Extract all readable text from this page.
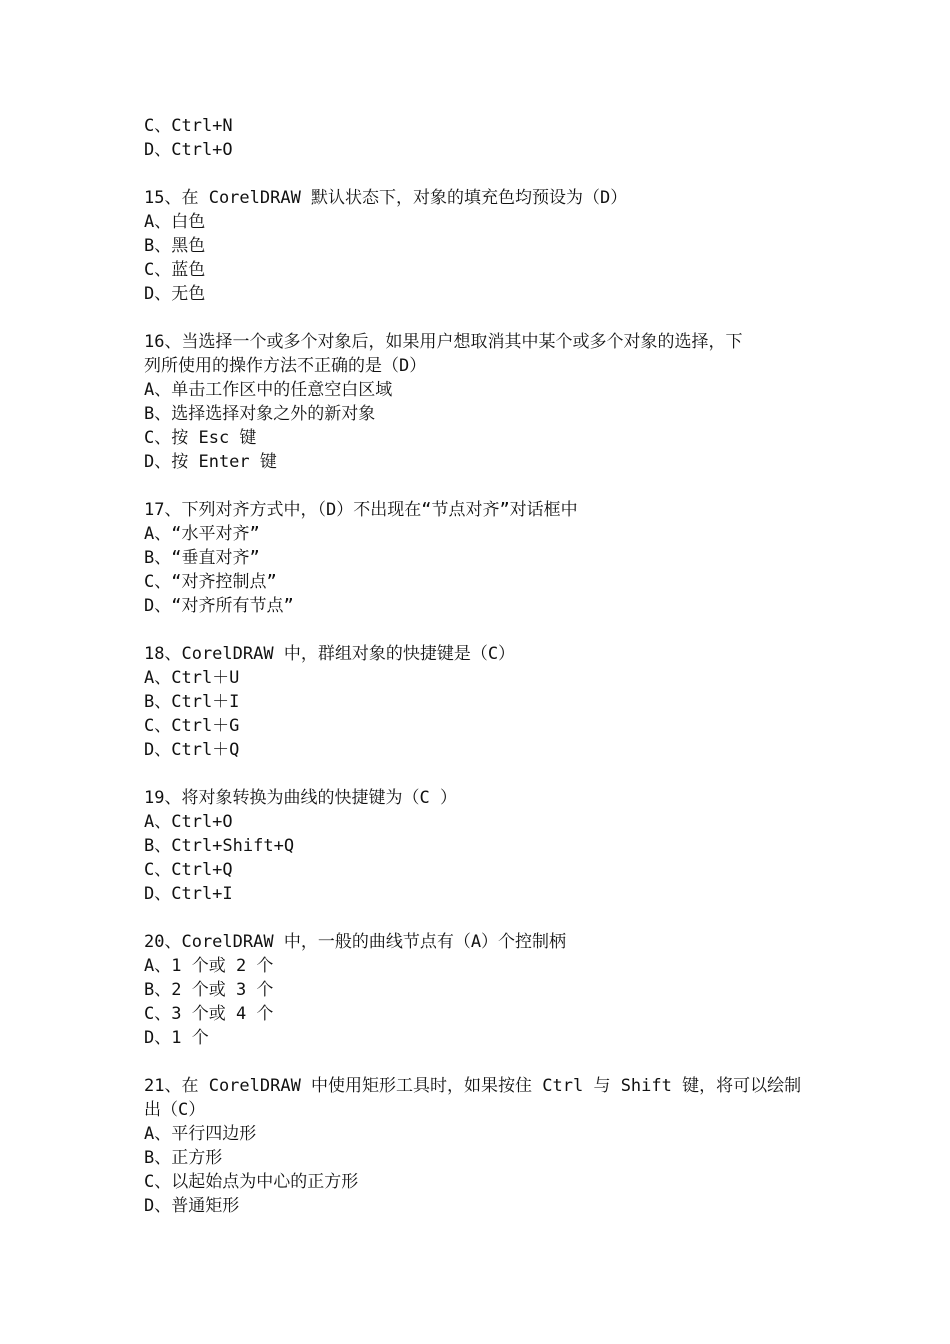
C、Ctrl+N
D、Ctrl+O
15、在 CorelDRAW 默认状态下，对象的填充色均预设为（D）
A、白色
B、黑色
C、蓝色
D、无色
16、当选择一个或多个对象后，如果用户想取消其中某个或多个对象的选择，下
列所使用的操作方法不正确的是（D）
A、单击工作区中的任意空白区域
B、选择选择对象之外的新对象
C、按 Esc 键
D、按 Enter 键
17、下列对齐方式中，（D）不出现在“节点对齐”对话框中
A、“水平对齐”
B、“垂直对齐”
C、“对齐控制点”
D、“对齐所有节点”
18、CorelDRAW 中，群组对象的快捷键是（C）
A、Ctrl＋U
B、Ctrl＋I
C、Ctrl＋G
D、Ctrl＋Q
19、将对象转换为曲线的快捷键为（C ）
A、Ctrl+O
B、Ctrl+Shift+Q
C、Ctrl+Q
D、Ctrl+I
20、CorelDRAW 中，一般的曲线节点有（A）个控制柄
A、1 个或 2 个
B、2 个或 3 个
C、3 个或 4 个
D、1 个
21、在 CorelDRAW 中使用矩形工具时，如果按住 Ctrl 与 Shift 键，将可以绘制
出（C）
A、平行四边形
B、正方形
C、以起始点为中心的正方形
D、普通矩形
